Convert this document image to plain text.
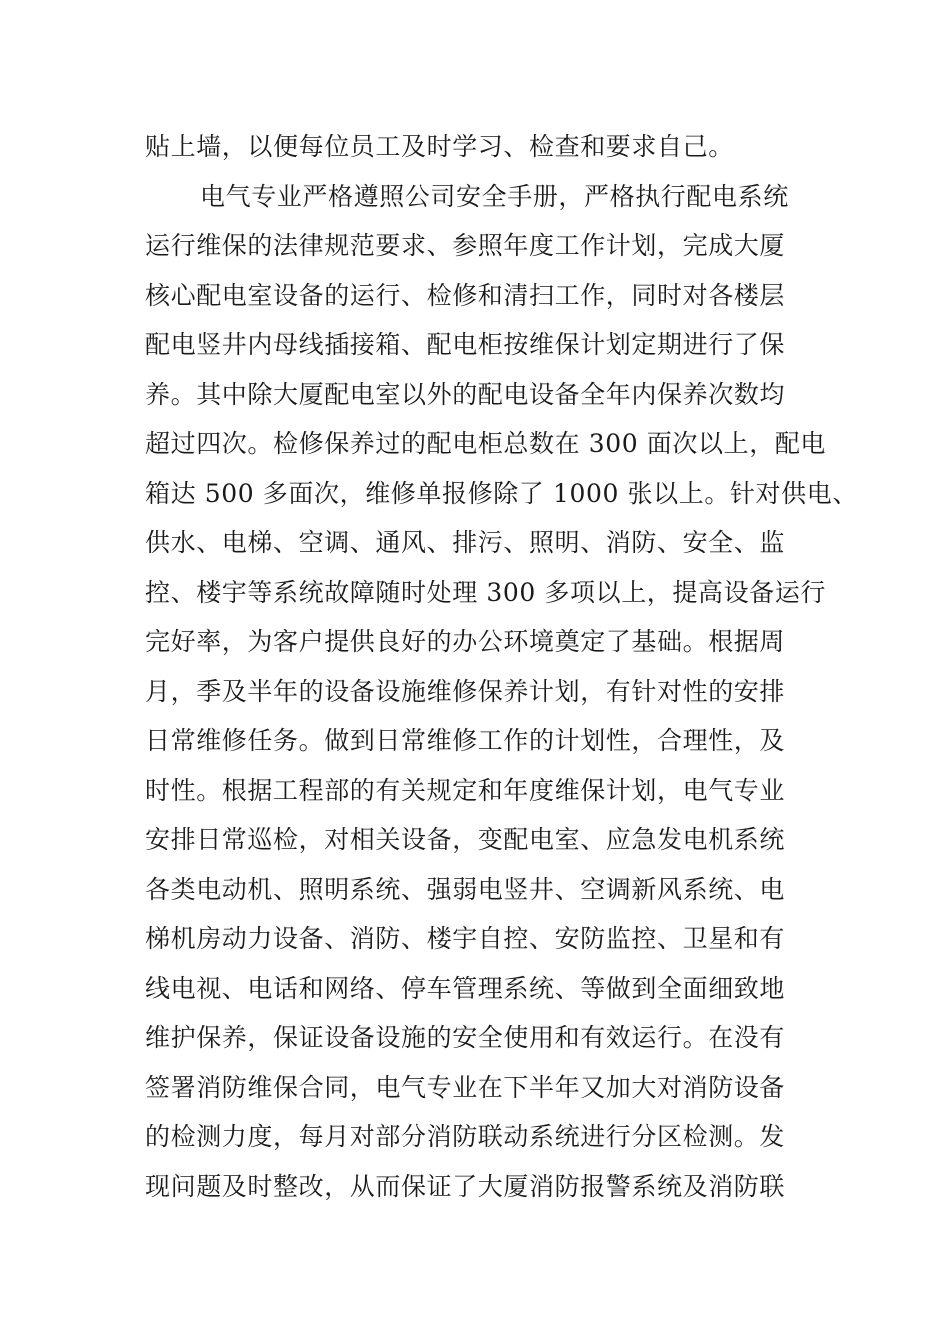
贴上墙，以便每位员工及时学习、检查和要求自己。
电气专业严格遵照公司安全手册，严格执行配电系统
运行维保的法律规范要求、参照年度工作计划，完成大厦
核心配电室设备的运行、检修和清扫工作，同时对各楼层
配电竖井内母线插接箱、配电柜按维保计划定期进行了保
养。其中除大厦配电室以外的配电设备全年内保养次数均
超过四次。检修保养过的配电柜总数在 300 面次以上，配电
箱达 500 多面次，维修单报修除了 1000 张以上。针对供电、
供水、电梯、空调、通风、排污、照明、消防、安全、监
控、楼宇等系统故障随时处理 300 多项以上，提高设备运行
完好率，为客户提供良好的办公环境奠定了基础。根据周
月，季及半年的设备设施维修保养计划，有针对性的安排
日常维修任务。做到日常维修工作的计划性，合理性，及
时性。根据工程部的有关规定和年度维保计划，电气专业
安排日常巡检，对相关设备，变配电室、应急发电机系统
各类电动机、照明系统、强弱电竖井、空调新风系统、电
梯机房动力设备、消防、楼宇自控、安防监控、卫星和有
线电视、电话和网络、停车管理系统、等做到全面细致地
维护保养，保证设备设施的安全使用和有效运行。在没有
签署消防维保合同，电气专业在下半年又加大对消防设备
的检测力度，每月对部分消防联动系统进行分区检测。发
现问题及时整改，从而保证了大厦消防报警系统及消防联
